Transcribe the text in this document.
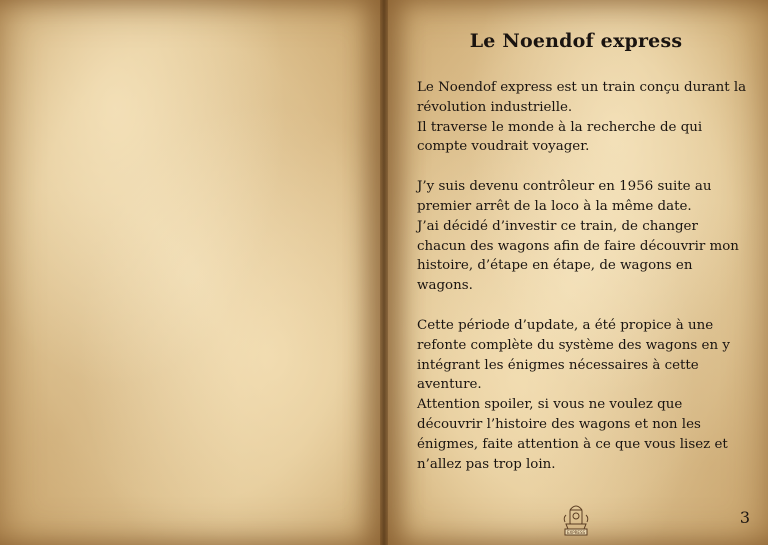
Le Noendof express

Le Noendof express est un train conçu durant la révolution industrielle.
Il traverse le monde à la recherche de qui compte voudrait voyager.

J’y suis devenu contrôleur en 1956 suite au premier arrêt de la loco à la même date.
J’ai décidé d’investir ce train, de changer chacun des wagons afin de faire découvrir mon histoire, d’étape en étape, de wagons en wagons.

Cette période d’update, a été propice à une refonte complète du système des wagons en y intégrant les énigmes nécessaires à cette aventure.
Attention spoiler, si vous ne voulez que découvrir l’histoire des wagons et non les énigmes, faite attention à ce que vous lisez et n’allez pas trop loin.

EXPRESS
3
